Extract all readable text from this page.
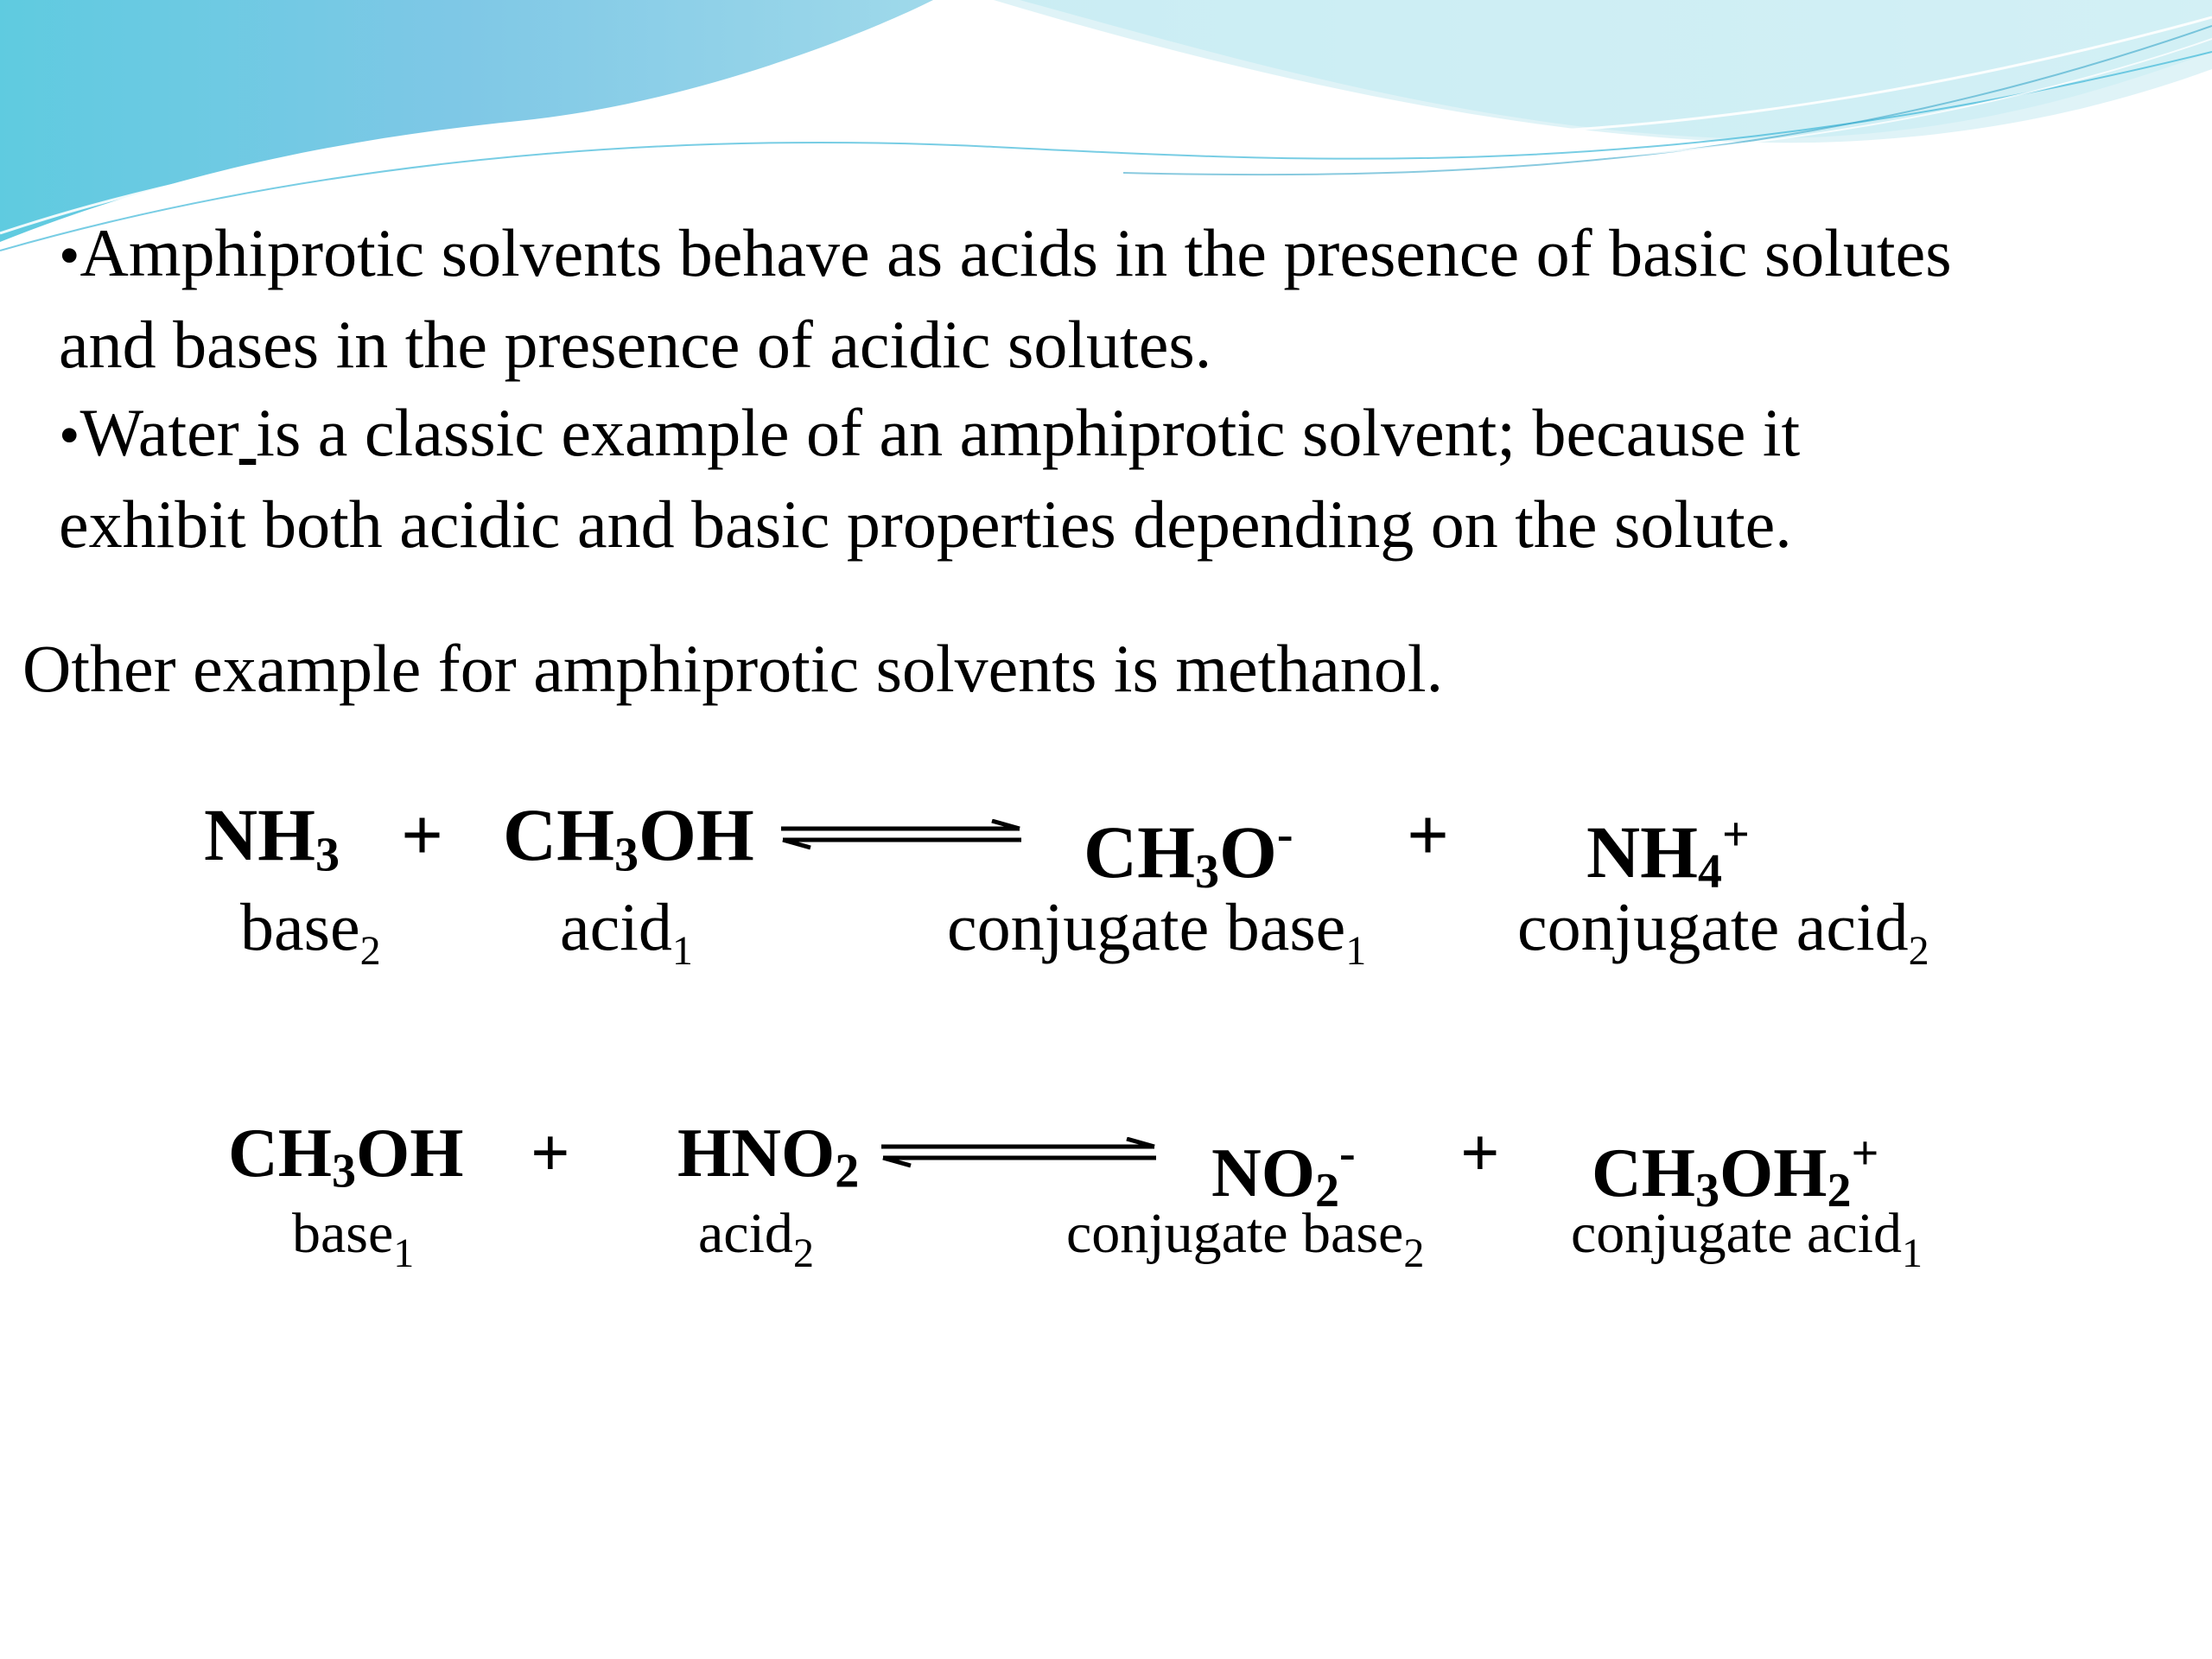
•Amphiprotic solvents behave as acids in the presence of basic solutes

and bases in the presence of acidic solutes.

•Water is a classic example of an amphiprotic solvent; because it

exhibit both acidic and basic properties depending on the solute.

Other example for amphiprotic solvents is methanol.

NH3 + CH3OH	CH3O- + NH4+
base$_2$	acid$_1$	conjugate base$_1$ conjugate acid$_2$
CH3OH + HNO2	NO2- + CH3OH2+
base$_1$	acid$_2$	conjugate base$_2$	conjugate acid$_1$
